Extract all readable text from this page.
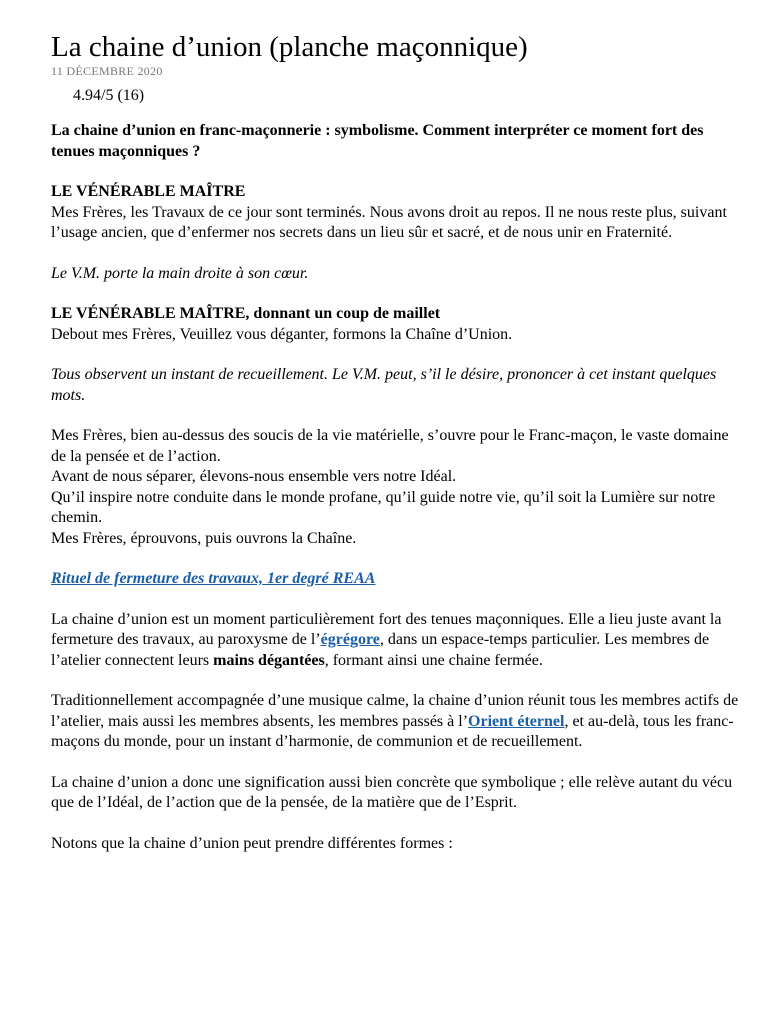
La chaine d’union (planche maçonnique)

11 DÉCEMBRE 2020

4.94/5 (16)

La chaine d’union en franc-maçonnerie : symbolisme. Comment interpréter ce moment fort des tenues maçonniques ?

LE VÉNÉRABLE MAÎTRE

Mes Frères, les Travaux de ce jour sont terminés. Nous avons droit au repos. Il ne nous reste plus, suivant l’usage ancien, que d’enfermer nos secrets dans un lieu sûr et sacré, et de nous unir en Fraternité.

Le V.M. porte la main droite à son cœur.

LE VÉNÉRABLE MAÎTRE, donnant un coup de maillet

Debout mes Frères, Veuillez vous déganter, formons la Chaîne d’Union.

Tous observent un instant de recueillement. Le V.M. peut, s’il le désire, prononcer à cet instant quelques mots.

Mes Frères, bien au-dessus des soucis de la vie matérielle, s’ouvre pour le Franc-maçon, le vaste domaine de la pensée et de l’action.
Avant de nous séparer, élevons-nous ensemble vers notre Idéal.
Qu’il inspire notre conduite dans le monde profane, qu’il guide notre vie, qu’il soit la Lumière sur notre chemin.
Mes Frères, éprouvons, puis ouvrons la Chaîne.

Rituel de fermeture des travaux, 1er degré REAA

La chaine d’union est un moment particulièrement fort des tenues maçonniques. Elle a lieu juste avant la fermeture des travaux, au paroxysme de l’égrégore, dans un espace-temps particulier. Les membres de l’atelier connectent leurs mains dégantées, formant ainsi une chaine fermée.

Traditionnellement accompagnée d’une musique calme, la chaine d’union réunit tous les membres actifs de l’atelier, mais aussi les membres absents, les membres passés à l’Orient éternel, et au-delà, tous les franc-maçons du monde, pour un instant d’harmonie, de communion et de recueillement.

La chaine d’union a donc une signification aussi bien concrète que symbolique ; elle relève autant du vécu que de l’Idéal, de l’action que de la pensée, de la matière que de l’Esprit.

Notons que la chaine d’union peut prendre différentes formes :
